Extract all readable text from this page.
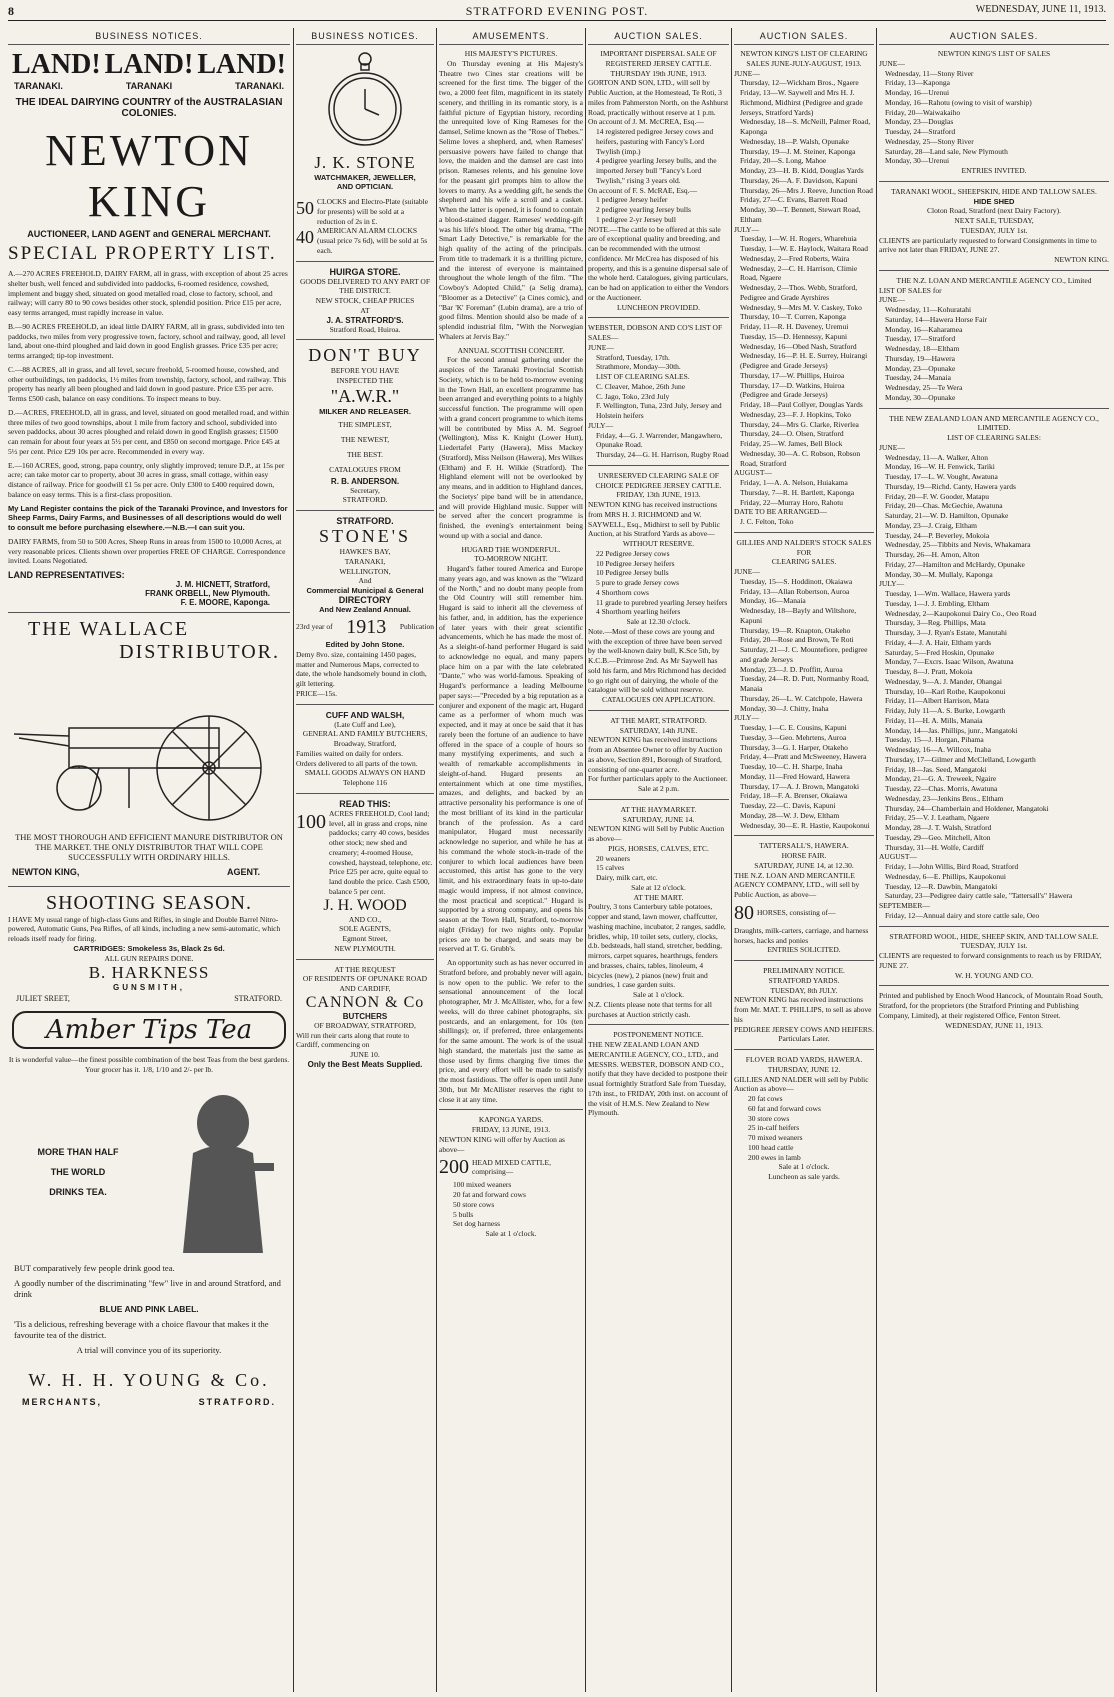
8	STRATFORD EVENING POST.	WEDNESDAY, JUNE 11, 1913.
BUSINESS NOTICES.
LAND! LAND! LAND!
TARANAKI.	TARANAKI	TARANAKI.
THE IDEAL DAIRYING COUNTRY of the AUSTRALASIAN COLONIES.
NEWTON KING
AUCTIONEER, LAND AGENT and GENERAL MERCHANT.
SPECIAL PROPERTY LIST.

A.—270 ACRES FREEHOLD, DAIRY FARM, all in grass, with exception of about 25 acres shelter bush, well fenced and subdivided into paddocks, 6-roomed residence, cowshed, implement and buggy shed, situated on good metalled road, close to factory, school, and railway; will carry 80 to 90 cows besides other stock, splendid position. Price £15 per acre, easy terms arranged, must rapidly increase in value.

B.—90 ACRES FREEHOLD, an ideal little DAIRY FARM, all in grass, subdivided into ten paddocks, two miles from very progressive town, factory, school and railway, good, all level land, about one-third ploughed and laid down in good English grasses. Price £35 per acre; terms arranged; tip-top investment.

C.—88 ACRES, all in grass, and all level, secure freehold, 5-roomed house, cowshed, and other outbuildings, ten paddocks, 1½ miles from township, factory, school, and railway. This property has nearly all been ploughed and laid down in good pasture. Price £35 per acre. Terms £500 cash, balance on easy conditions. To inspect means to buy.

D.—ACRES, FREEHOLD, all in grass, and level, situated on good metalled road, and within three miles of two good townships, about 1 mile from factory and school, subdivided into seven paddocks, about 30 acres ploughed and relaid down in good English grasses; £1500 can remain for about four years at 5½ per cent, and £850 on second mortgage. Price £45 at 5½ per cent. Price £29 10s per acre. Recommended in every way.

E.—160 ACRES, good, strong, papa country, only slightly improved; tenure D.P., at 15s per acre; can take motor car to property, about 30 acres in grass, small cottage, within easy distance of railway. Price for goodwill £1 5s per acre. Only £300 to £400 required down, balance on easy terms. This is a first-class proposition.

My Land Register contains the pick of the Taranaki Province, and Investors for Sheep Farms, Dairy Farms, and Businesses of all descriptions would do well to consult me before purchasing elsewhere.—N.B.—I can suit you.

DAIRY FARMS, from 50 to 500 Acres, Sheep Runs in areas from 1500 to 10,000 Acres, at very reasonable prices. Clients shown over properties FREE OF CHARGE. Correspondence invited. Loans Negotiated.

LAND REPRESENTATIVES:
J. M. HICNETT, Stratford,
FRANK ORBELL, New Plymouth.
F. E. MOORE, Kaponga.
THE WALLACE
DISTRIBUTOR.
THE MOST THOROUGH AND EFFICIENT MANURE DISTRIBUTOR ON THE MARKET. THE ONLY DISTRIBUTOR THAT WILL COPE SUCCESSFULLY WITH ORDINARY HILLS.
NEWTON KING,	AGENT.
SHOOTING SEASON.
I HAVE My usual range of high-class Guns and Rifles, in single and Double Barrel Nitro-powered, Automatic Guns, Pea Rifles, of all kinds, including a new semi-automatic, which reloads itself ready for firing.
CARTRIDGES: Smokeless 3s, Black 2s 6d.
ALL GUN REPAIRS DONE.
B. HARKNESS
GUNSMITH,
JULIET SREET,	STRATFORD.
Amber Tips Tea
It is wonderful value—the finest possible combination of the best Teas from the best gardens. Your grocer has it. 1/8, 1/10 and 2/- per lb.
MORE THAN HALF
THE WORLD
DRINKS TEA.

BUT comparatively few people drink good tea.

A goodly number of the discriminating "few" live in and around Stratford, and drink

BLUE AND PINK LABEL.

'Tis a delicious, refreshing beverage with a choice flavour that makes it the favourite tea of the district.

A trial will convince you of its superiority.

W. H. H. YOUNG & Co.
MERCHANTS,	STRATFORD.
BUSINESS NOTICES.
J. K. STONE
WATCHMAKER, JEWELLER,
AND OPTICIAN.
50 CLOCKS and Electro-Plate (suitable for presents) will be sold at a reduction of 2s in £.
40 AMERICAN ALARM CLOCKS (usual price 7s 6d), will be sold at 5s each.
HUIRGA STORE.
GOODS DELIVERED TO ANY PART OF THE DISTRICT.
NEW STOCK, CHEAP PRICES
AT
J. A. STRATFORD'S.
Stratford Road, Huiroa.
DON'T BUY
BEFORE YOU HAVE
INSPECTED THE
"A.W.R."
MILKER AND RELEASER.
THE SIMPLEST,
THE NEWEST,
THE BEST.
CATALOGUES FROM
R. B. ANDERSON.
Secretary,
STRATFORD.
STRATFORD.
STONE'S
HAWKE'S BAY,
TARANAKI,
WELLINGTON,
And
Commercial Municipal & General
DIRECTORY
And New Zealand Annual.
23rd year of 1913 Publication
Edited by John Stone.
Demy 8vo. size, containing 1450 pages, matter and Numerous Maps, corrected to date, the whole handsomely bound in cloth, gilt lettering.
PRICE—15s.
CUFF AND WALSH,
(Late Cuff and Lee),
GENERAL AND FAMILY BUTCHERS,
Broadway, Stratford,
Families waited on daily for orders.
Orders delivered to all parts of the town.
SMALL GOODS ALWAYS ON HAND
Telephone 116
READ THIS:
100 ACRES FREEHOLD, Cool land; level, all in grass and crops, nine paddocks; carry 40 cows, besides other stock; new shed and creamery; 4-roomed House, cowshed, haystead, telephone, etc. Price £25 per acre, quite equal to land double the price. Cash £500, balance 5 per cent.
J. H. WOOD
AND CO.,
SOLE AGENTS,
Egmont Street,
NEW PLYMOUTH.
AT THE REQUEST
OF RESIDENTS OF OPUNAKE ROAD AND CARDIFF,
CANNON & Co
BUTCHERS
OF BROADWAY, STRATFORD,
Will run their carts along that route to Cardiff, commencing on
JUNE 10.
Only the Best Meats Supplied.
AMUSEMENTS.
HIS MAJESTY'S PICTURES.
On Thursday evening at His Majesty's Theatre two Cines star creations will be screened for the first time. The bigger of the two, a 2000 feet film, magnificent in its stately scenery, and thrilling in its romantic story, is a faithful picture of Egyptian history, recording the unrequited love of King Rameses for the damsel, Selime known as the "Rose of Thebes." Selime loves a shepherd, and, when Rameses' persuasive powers have failed to change that love, the maiden and the damsel are cast into prison. Rameses relents, and his genuine love for the peasant girl prompts him to allow the lovers to marry. As a wedding gift, he sends the shepherd and his wife a scroll and a casket. When the latter is opened, it is found to contain a blood-stained dagger. Rameses' wedding-gift was his life's blood. The other big drama, "The Smart Lady Detective," is remarkable for the high quality of the acting of the principals. From title to trademark it is a thrilling picture, and the interest of everyone is maintained throughout the whole length of the film. "The Cowboy's Adopted Child," (a Selig drama), "Bloomer as a Detective" (a Cines comic), and "Bar 'K' Foreman" (Lubin drama), are a trio of good films. Mention should also be made of a splendid industrial film, "With the Norwegian Whalers at Jervis Bay."
ANNUAL SCOTTISH CONCERT.
For the second annual gathering under the auspices of the Taranaki Provincial Scottish Society, which is to be held to-morrow evening in the Town Hall, an excellent programme has been arranged and everything points to a highly successful function. The programme will open with a grand concert programme to which items will be contributed by Miss A. M. Segroef (Wellington), Miss K. Knight (Lower Hutt), Liedertafel Party (Hawera), Miss Mackey (Stratford), Miss Neilson (Hawera), Mrs Wilkes (Eltham) and F. H. Wilkie (Stratford). The Highland element will not be overlooked by any means, and in addition to Highland dances, the Societys' pipe band will be in attendance, and will provide Highland music. Supper will be served after the concert programme is finished, the evening's entertainment being wound up with a social and dance.
HUGARD THE WONDERFUL.
TO-MORROW NIGHT.
Hugard's father toured America and Europe many years ago, and was known as the "Wizard of the North," and no doubt many people from the Old Country will still remember him. Hugard is said to inherit all the cleverness of his father, and, in addition, has the experience of later years with their great scientific advancements, which he has made the most of. As a sleight-of-hand performer Hugard is said to acknowledge no equal, and many papers place him on a par with the late celebrated "Dante," who was world-famous. Speaking of Hugard's performance a leading Melbourne paper says:—"Preceded by a big reputation as a conjurer and exponent of the magic art, Hugard came as a performer of whom much was expected, and it may at once be said that it has rarely been the fortune of an audience to have offered in the space of a couple of hours so many mystifying experiments, and such a wealth of remarkable accomplishments in sleight-of-hand. Hugard presents an entertainment which at one time mystifies, amazes, and delights, and backed by an attractive personality his performance is one of the most brilliant of its kind in the particular branch of the profession. As a card manipulator, Hugard must necessarily acknowledge no superior, and while he has at his command the whole stock-in-trade of the conjurer to which local audiences have been accustomed, this artist has gone to the very limit, and his extraordinary feats in up-to-date magic would impress, if not almost convince, the most practical and sceptical." Hugard is supported by a strong company, and opens his season at the Town Hall, Stratford, to-morrow night (Friday) for two nights only. Popular prices are to be charged, and seats may be reserved at T. G. Grubb's.
An opportunity such as has never occurred in Stratford before, and probably never will again, is now open to the public. We refer to the sensational announcement of the local photographer, Mr J. McAllister, who, for a few weeks, will do three cabinet photographs, six postcards, and an enlargement, for 10s (ten shillings); or, if preferred, three enlargements for the same amount. The work is of the usual high standard, the materials just the same as those used by firms charging five times the price, and every effort will be made to satisfy the most fastidious. The offer is open until June 30th, but Mr McAllister reserves the right to close it at any time.
KAPONGA YARDS.
FRIDAY, 13 JUNE, 1913.
NEWTON KING will offer by Auction as above—
200 HEAD MIXED CATTLE, comprising—
100 mixed weaners
20 fat and forward cows
50 store cows
5 bulls
Set dog harness
Sale at 1 o'clock.
AUCTION SALES.
IMPORTANT DISPERSAL SALE OF
REGISTERED JERSEY CATTLE.
THURSDAY 19th JUNE, 1913.
GORTON AND SON, LTD., will sell by Public Auction, at the Homestead, Te Roti, 3 miles from Pahmerston North, on the Ashhurst Road, practically without reserve at 1 p.m.
On account of J. M. McCREA, Esq.—
14 registered pedigree Jersey cows and heifers, pasturing with Fancy's Lord Twylish (imp.)
4 pedigree yearling Jersey bulls, and the imported Jersey bull "Fancy's Lord Twylish," rising 3 years old.
On account of F. S. McRAE, Esq.—
1 pedigree Jersey heifer
2 pedigree yearling Jersey bulls
1 pedigree 2-yr Jersey bull
NOTE.—The cattle to be offered at this sale are of exceptional quality and breeding, and can be recommended with the utmost confidence. Mr McCrea has disposed of his property, and this is a genuine dispersal sale of the whole herd. Catalogues, giving particulars, can be had on application to either the Vendors or the Auctioneer.
LUNCHEON PROVIDED.
WEBSTER, DOBSON AND CO'S LIST OF SALES—
JUNE—
Stratford, Tuesday, 17th.
Strathmore, Monday—30th.
LIST OF CLEARING SALES.
C. Cleaver, Mahoe, 26th June
C. Jago, Toko, 23rd July
F. Wellington, Tuna, 23rd July, Jersey and Holstein heifers
JULY—
Friday, 4—G. J. Warrender, Mangawhero, Opunake Road.
Thursday, 24—G. H. Harrison, Rugby Road
UNRESERVED CLEARING SALE OF CHOICE PEDIGREE JERSEY CATTLE.
FRIDAY, 13th JUNE, 1913.
NEWTON KING has received instructions from MRS H. J. RICHMOND and W. SAYWELL, Esq., Midhirst to sell by Public Auction, at his Stratford Yards as above—
WITHOUT RESERVE.
22 Pedigree Jersey cows
10 Pedigree Jersey heifers
10 Pedigree Jersey bulls
5 pure to grade Jersey cows
4 Shorthorn cows
11 grade to purebred yearling Jersey heifers
4 Shorthorn yearling heifers
Sale at 12.30 o'clock.
Note.—Most of these cows are young and with the exception of three have been served by the well-known dairy bull, K.Sce 5th, by K.C.B.—Primrose 2nd. As Mr Saywell has sold his farm, and Mrs Richmond has decided to go right out of dairying, the whole of the catalogue will be sold without reserve.
CATALOGUES ON APPLICATION.
AT THE MART, STRATFORD.
SATURDAY, 14th JUNE.
NEWTON KING has received instructions from an Absentee Owner to offer by Auction as above, Section 891, Borough of Stratford, consisting of one-quarter acre.
For further particulars apply to the Auctioneer.
Sale at 2 p.m.
AT THE HAYMARKET.
SATURDAY, JUNE 14.
NEWTON KING will Sell by Public Auction as above—
PIGS, HORSES, CALVES, ETC.
20 weaners
15 calves
Dairy, milk cart, etc.
Sale at 12 o'clock.
AT THE MART.
Poultry, 3 tons Canterbury table potatoes, copper and stand, lawn mower, chaffcutter, washing machine, incubator, 2 ranges, saddle, bridles, whip, 10 toilet sets, cutlery, clocks, d.b. bedsteads, hall stand, stretcher, bedding, mirrors, carpet squares, hearthrugs, fenders and brasses, chairs, tables, linoleum, 4 bicycles (new), 2 pianos (new) fruit and sundries, 1 case garden suits.
Sale at 1 o'clock.
N.Z. Clients please note that terms for all purchases at Auction strictly cash.
POSTPONEMENT NOTICE.
THE NEW ZEALAND LOAN AND MERCANTILE AGENCY, CO., LTD., and MESSRS. WEBSTER, DOBSON AND CO., notify that they have decided to postpone their usual fortnightly Stratford Sale from Tuesday, 17th inst., to FRIDAY, 20th inst. on account of the visit of H.M.S. New Zealand to New Plymouth.
AUCTION SALES.
NEWTON KING'S LIST OF CLEARING SALES JUNE-JULY-AUGUST, 1913.
JUNE—
Thursday, 12—Wickham Bros., Ngaere
Friday, 13—W. Saywell and Mrs H. J. Richmond, Midhirst (Pedigree and grade Jerseys, Stratford Yards)
Wednesday, 18—S. McNeill, Palmer Road, Kaponga
Wednesday, 18—P. Walsh, Opunake
Thursday, 19—J. M. Steiner, Kaponga
Friday, 20—S. Long, Mahoe
Monday, 23—H. B. Kidd, Douglas Yards
Thursday, 26—A. F. Davidson, Kapuni
Thursday, 26—Mrs J. Reeve, Junction Road
Friday, 27—C. Evans, Barrett Road
Monday, 30—T. Bennett, Stewart Road, Eltham
JULY—
Tuesday, 1—W. H. Rogers, Wharehuia
Tuesday, 1—W. E. Haylock, Waitara Road
Wednesday, 2—Fred Roberts, Waira
Wednesday, 2—C. H. Harrison, Climie Road, Ngaere
Wednesday, 2—Thos. Webb, Stratford, Pedigree and Grade Ayrshires
Wednesday, 9—Mrs M. V. Caskey, Toko
Thursday, 10—T. Curren, Kaponga
Friday, 11—R. H. Daveney, Uremui
Tuesday, 15—D. Hennessy, Kapuni
Wednesday, 16—Obed Nash, Stratford
Wednesday, 16—P. H. E. Surrey, Huirangi (Pedigree and Grade Jerseys)
Thursday, 17—W. Phillips, Huiroa
Thursday, 17—D. Watkins, Huiroa (Pedigree and Grade Jerseys)
Friday, 18—Paul Collyer, Douglas Yards
Wednesday, 23—F. J. Hopkins, Toko
Thursday, 24—Mrs G. Clarke, Riverlea
Thursday, 24—O. Olsen, Stratford
Friday, 25—W. James, Bell Block
Wednesday, 30—A. C. Robson, Robson Road, Stratford
AUGUST—
Friday, 1—A. A. Nelson, Huiakama
Thursday, 7—R. H. Bartlett, Kaponga
Friday, 22—Murray Horo, Rahotu
DATE TO BE ARRANGED—
J. C. Felton, Toko
GILLIES AND NALDER'S STOCK SALES FOR
CLEARING SALES.
JUNE—
Tuesday, 15—S. Hoddinott, Okaiawa
Friday, 13—Allan Robertson, Auroa
Monday, 16—Manaia
Wednesday, 18—Bayly and Wiltshore, Kapuni
Thursday, 19—R. Knapton, Otakeho
Friday, 20—Rose and Brown, Te Roti
Saturday, 21—J. C. Mountefiore, pedigree and grade Jerseys
Monday, 23—J. D. Proffitt, Auroa
Tuesday, 24—R. D. Putt, Normanby Road, Manaia
Thursday, 26—L. W. Catchpole, Hawera
Monday, 30—J. Chitty, Inaha
JULY—
Tuesday, 1—C. E. Cousins, Kapuni
Tuesday, 3—Geo. Mehrtens, Auroa
Thursday, 3—G. I. Harper, Otakeho
Friday, 4—Pratt and McSweeney, Hawera
Tuesday, 10—C. H. Sharpe, Inaha
Monday, 11—Fred Howard, Hawera
Thursday, 17—A. J. Brown, Mangatoki
Friday, 18—F. A. Brenser, Okaiawa
Tuesday, 22—C. Davis, Kapuni
Monday, 28—W. J. Dew, Eltham
Wednesday, 30—E. R. Hastie, Kaupokonui
TATTERSALL'S, HAWERA.
HORSE FAIR.
SATURDAY, JUNE 14, at 12.30.
THE N.Z. LOAN AND MERCANTILE AGENCY COMPANY, LTD., will sell by Public Auction, as above—
80 HORSES, consisting of—
Draughts, milk-carters, carriage, and harness horses, hacks and ponies
ENTRIES SOLICITED.
PRELIMINARY NOTICE.
STRATFORD YARDS.
TUESDAY, 8th JULY.
NEWTON KING has received instructions from Mr. MAT. T. PHILLIPS, to sell as above his
PEDIGREE JERSEY COWS AND HEIFERS.
Particulars Later.
FLOVER ROAD YARDS, HAWERA.
THURSDAY, JUNE 12.
GILLIES AND NALDER will sell by Public Auction as above—
20 fat cows
60 fat and forward cows
30 store cows
25 in-calf heifers
70 mixed weaners
100 head cattle
200 ewes in lamb
Sale at 1 o'clock.
Luncheon as sale yards.
AUCTION SALES.
NEWTON KING'S LIST OF SALES
JUNE—
Wednesday, 11—Stony River
Friday, 13—Kaponga
Monday, 16—Urenui
Monday, 16—Rahotu (owing to visit of warship)
Friday, 20—Waiwakaiho
Monday, 23—Douglas
Tuesday, 24—Stratford
Wednesday, 25—Stony River
Saturday, 28—Land sale, New Plymouth
Monday, 30—Urenui
ENTRIES INVITED.
TARANAKI WOOL, SHEEPSKIN, HIDE AND TALLOW SALES.
HIDE SHED
Cloton Road, Stratford (next Dairy Factory).
NEXT SALE, TUESDAY,
TUESDAY, JULY 1st.
CLIENTS are particularly requested to forward Consignments in time to arrive not later than FRIDAY, JUNE 27.
NEWTON KING.
THE N.Z. LOAN AND MERCANTILE AGENCY CO., Limited
LIST OF SALES for
JUNE—
Wednesday, 11—Kohuratahi
Saturday, 14—Hawera Horse Fair
Monday, 16—Kaharamea
Tuesday, 17—Stratford
Wednesday, 18—Eltham
Thursday, 19—Hawera
Monday, 23—Opunake
Tuesday, 24—Manaia
Wednesday, 25—Te Wera
Monday, 30—Opunake
THE NEW ZEALAND LOAN AND MERCANTILE AGENCY CO., LIMITED.
LIST OF CLEARING SALES:
JUNE—
Wednesday, 11—A. Walker, Alton
Monday, 16—W. H. Fenwick, Tariki
Tuesday, 17—L. W. Vought, Awatuna
Thursday, 19—Richd. Canty, Hawera yards
Friday, 20—F. W. Gooder, Matapu
Friday, 20—Chas. McGechie, Awatuna
Saturday, 21—W. D. Hamilton, Opunake
Monday, 23—J. Craig, Eltham
Tuesday, 24—P. Beverley, Mokoia
Wednesday, 25—Tibbits and Nevis, Whakamara
Thursday, 26—H. Amon, Alton
Friday, 27—Hamilton and McHardy, Opunake
Monday, 30—M. Mullaly, Kaponga
JULY—
Tuesday, 1—Wm. Wallace, Hawera yards
Tuesday, 1—J. J. Embling, Eltham
Wednesday, 2—Kaupokonui Dairy Co., Oeo Road
Thursday, 3—Reg. Phillips, Mata
Thursday, 3—J. Ryan's Estate, Manutahi
Friday, 4—J. A. Hair, Eltham yards
Saturday, 5—Fred Hoskin, Opunake
Monday, 7—Excrs. Isaac Wilson, Awatuna
Tuesday, 8—J. Pratt, Mokoia
Wednesday, 9—A. J. Mander, Ohangai
Thursday, 10—Karl Rothe, Kaupokonui
Friday, 11—Albert Harrison, Mata
Friday, July 11—A. S. Burke, Lowgarth
Friday, 11—H. A. Mills, Manaia
Monday, 14—Jas. Phillips, junr., Mangatoki
Tuesday, 15—J. Horgan, Pihama
Wednesday, 16—A. Willcox, Inaha
Thursday, 17—Gilmer and McClelland, Lowgarth
Friday, 18—Jas. Seed, Mangatoki
Monday, 21—G. A. Treweek, Ngaire
Tuesday, 22—Chas. Morris, Awatuna
Wednesday, 23—Jenkins Bros., Eltham
Thursday, 24—Chamberlain and Holdener, Mangatoki
Friday, 25—V. J. Leatham, Ngaere
Monday, 28—J. T. Walsh, Stratford
Tuesday, 29—Geo. Mitchell, Alton
Thursday, 31—H. Wolfe, Cardiff
AUGUST—
Friday, 1—John Willis, Bird Road, Stratford
Wednesday, 6—E. Phillips, Kaupokonui
Tuesday, 12—R. Dawbin, Mangatoki
Saturday, 23—Pedigree dairy cattle sale, "Tattersall's" Hawera
SEPTEMBER—
Friday, 12—Annual dairy and store cattle sale, Oeo
STRATFORD WOOL, HIDE, SHEEP SKIN, AND TALLOW SALE.
TUESDAY, JULY 1st.
CLIENTS are requested to forward consignments to reach us by FRIDAY, JUNE 27.
W. H. YOUNG AND CO.
Printed and published by Enoch Wood Hancock, of Mountain Road South, Stratford, for the proprietors (the Stratford Printing and Publishing Company, Limited), at their registered Office, Fenton Street.
WEDNESDAY, JUNE 11, 1913.
